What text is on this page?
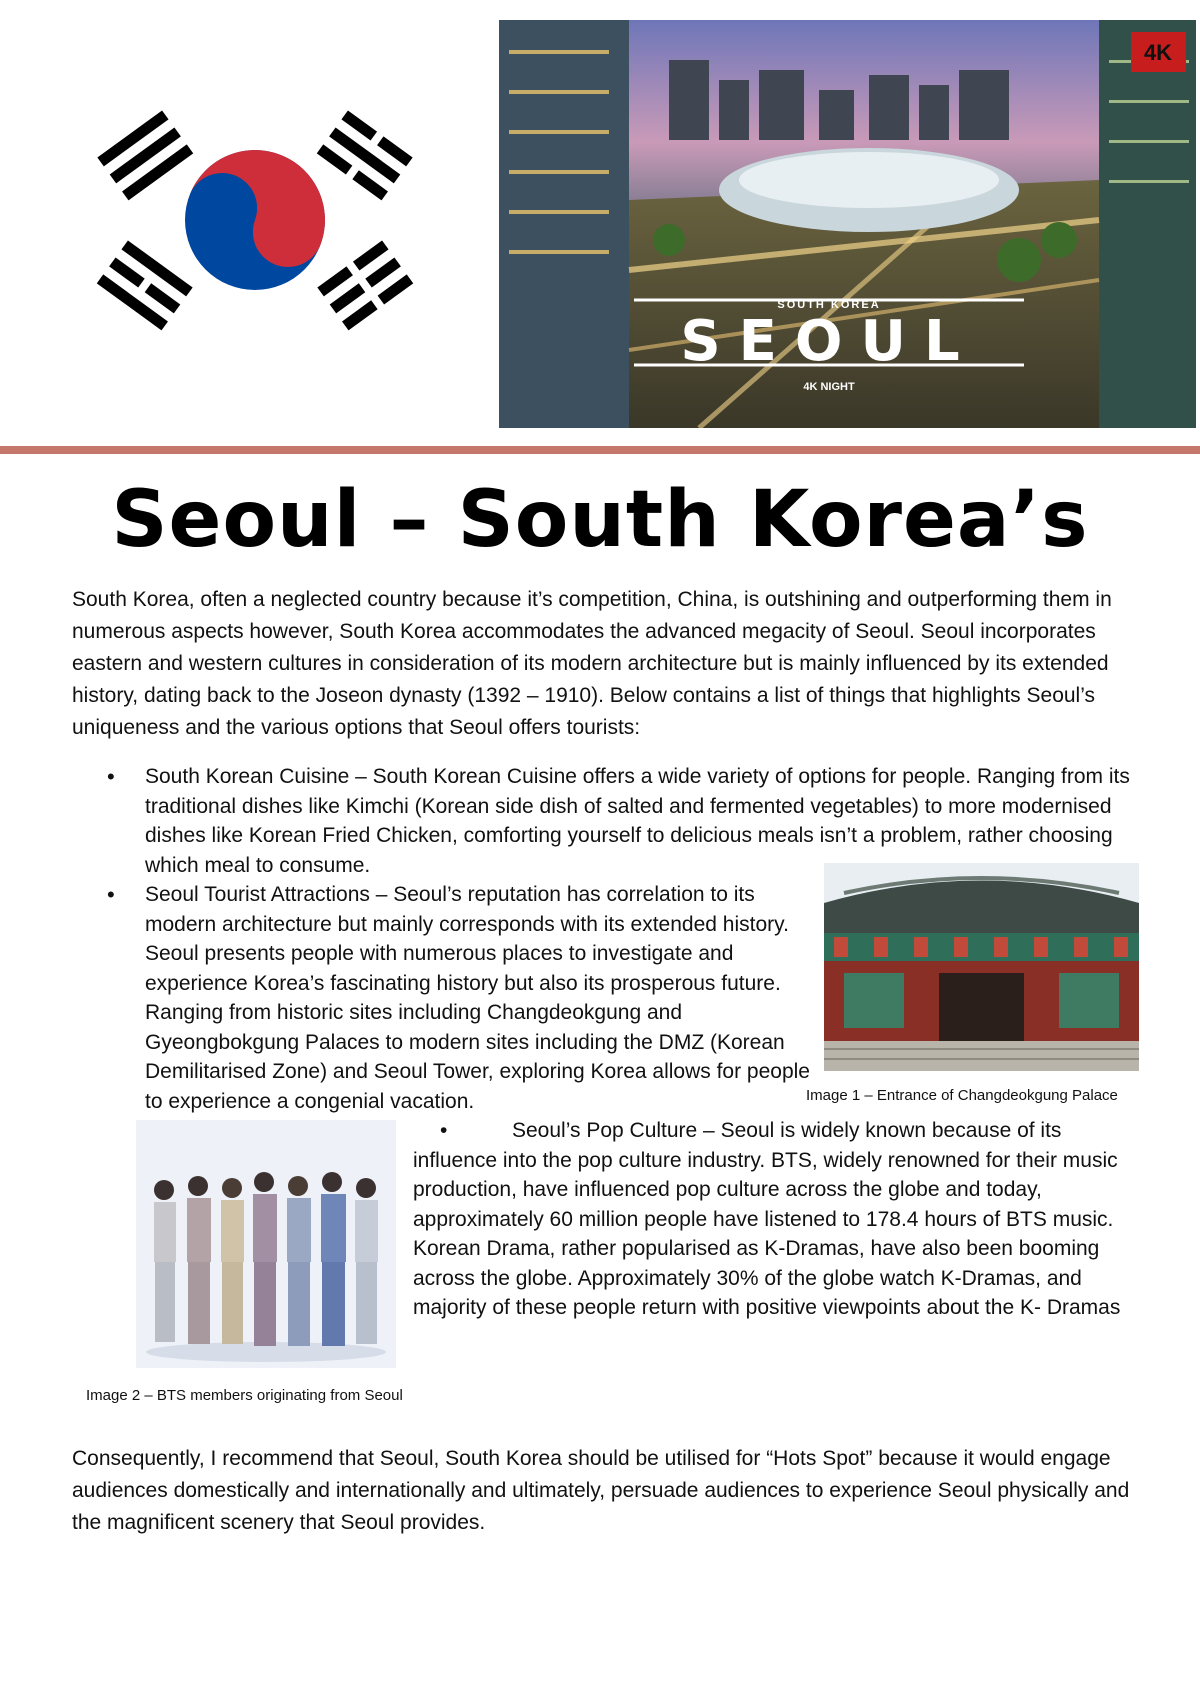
4K
SOUTH KOREA
SEOUL
4K NIGHT
Seoul – South Korea’s
South Korea, often a neglected country because it’s competition, China, is outshining and outperforming them in numerous aspects however, South Korea accommodates the advanced megacity of Seoul. Seoul incorporates eastern and western cultures in consideration of its modern architecture but is mainly influenced by its extended history, dating back to the Joseon dynasty (1392 – 1910). Below contains a list of things that highlights Seoul’s uniqueness and the various options that Seoul offers tourists:
• South Korean Cuisine – South Korean Cuisine offers a wide variety of options for people. Ranging from its traditional dishes like Kimchi (Korean side dish of salted and fermented vegetables) to more modernised dishes like Korean Fried Chicken, comforting yourself to delicious meals isn’t a problem, rather choosing which meal to consume.
• Seoul Tourist Attractions – Seoul’s reputation has correlation to its modern architecture but mainly corresponds with its extended history. Seoul presents people with numerous places to investigate and experience Korea’s fascinating history but also its prosperous future. Ranging from historic sites including Changdeokgung and Gyeongbokgung Palaces to modern sites including the DMZ (Korean Demilitarised Zone) and Seoul Tower, exploring Korea allows for people to experience a congenial vacation.	Image 1 – Entrance of Changdeokgung Palace
•	Seoul’s Pop Culture – Seoul is widely known because of its influence into the pop culture industry. BTS, widely renowned for their music production, have influenced pop culture across the globe and today, approximately 60 million people have listened to 178.4 hours of BTS music. Korean Drama, rather popularised as K-Dramas, have also been booming across the globe. Approximately 30% of the globe watch K-Dramas, and majority of these people return with positive viewpoints about the K- Dramas
Image 2 – BTS members originating from Seoul
Consequently, I recommend that Seoul, South Korea should be utilised for “Hots Spot” because it would engage audiences domestically and internationally and ultimately, persuade audiences to experience Seoul physically and the magnificent scenery that Seoul provides.
